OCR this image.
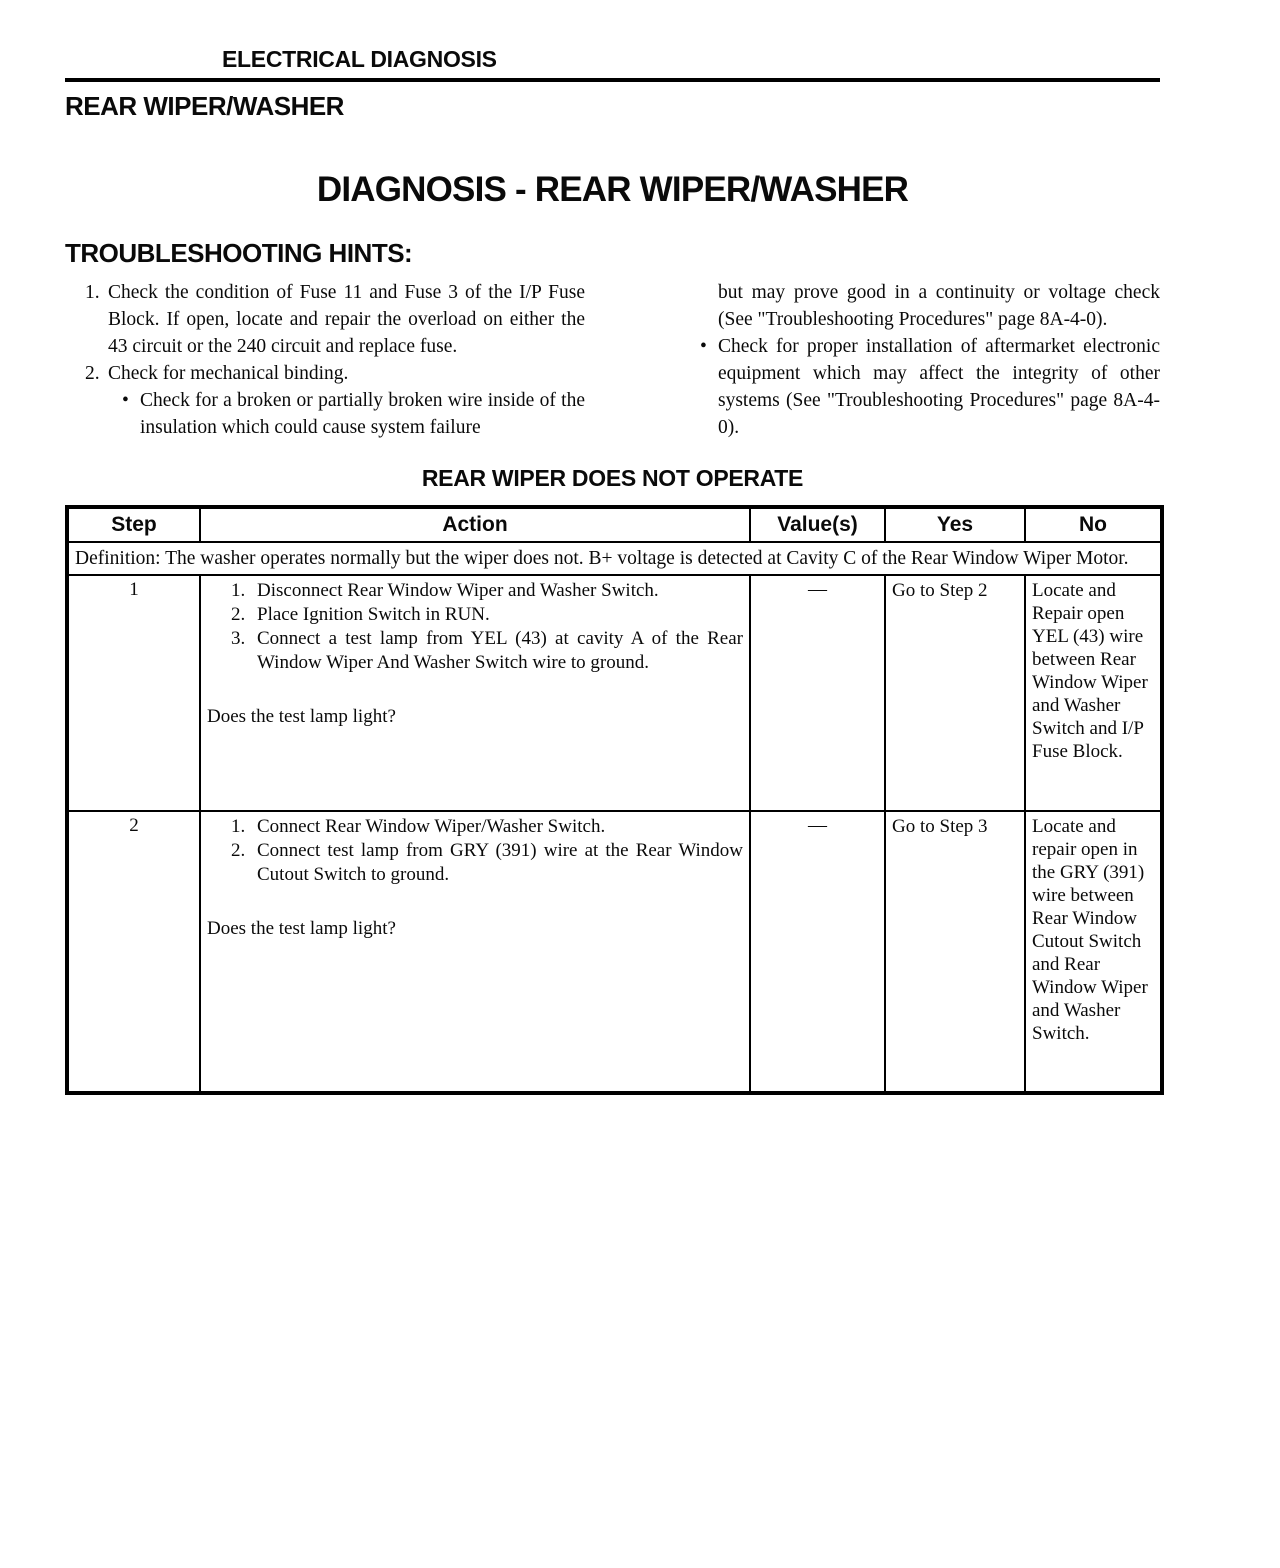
ELECTRICAL DIAGNOSIS
REAR WIPER/WASHER
DIAGNOSIS - REAR WIPER/WASHER
TROUBLESHOOTING HINTS:
1. Check the condition of Fuse 11 and Fuse 3 of the I/P Fuse Block. If open, locate and repair the overload on either the 43 circuit or the 240 circuit and replace fuse.
2. Check for mechanical binding.
• Check for a broken or partially broken wire inside of the insulation which could cause system failure
but may prove good in a continuity or voltage check (See "Troubleshooting Procedures" page 8A-4-0).
• Check for proper installation of aftermarket electronic equipment which may affect the integrity of other systems (See "Troubleshooting Procedures" page 8A-4-0).
REAR WIPER DOES NOT OPERATE
Step	Action	Value(s)	Yes	No
Definition: The washer operates normally but the wiper does not. B+ voltage is detected at Cavity C of the Rear Window Wiper Motor.				
1	1. Disconnect Rear Window Wiper and Washer Switch.
2. Place Ignition Switch in RUN.
3. Connect a test lamp from YEL (43) at cavity A of the Rear Window Wiper And Washer Switch wire to ground.
Does the test lamp light?
	—	Go to Step 2	Locate and Repair open YEL (43) wire between Rear Window Wiper and Washer Switch and I/P Fuse Block.
2	1. Connect Rear Window Wiper/Washer Switch.
2. Connect test lamp from GRY (391) wire at the Rear Window Cutout Switch to ground.
Does the test lamp light?	—	Go to Step 3	Locate and repair open in the GRY (391) wire between Rear Window Cutout Switch and Rear Window Wiper and Washer Switch.
